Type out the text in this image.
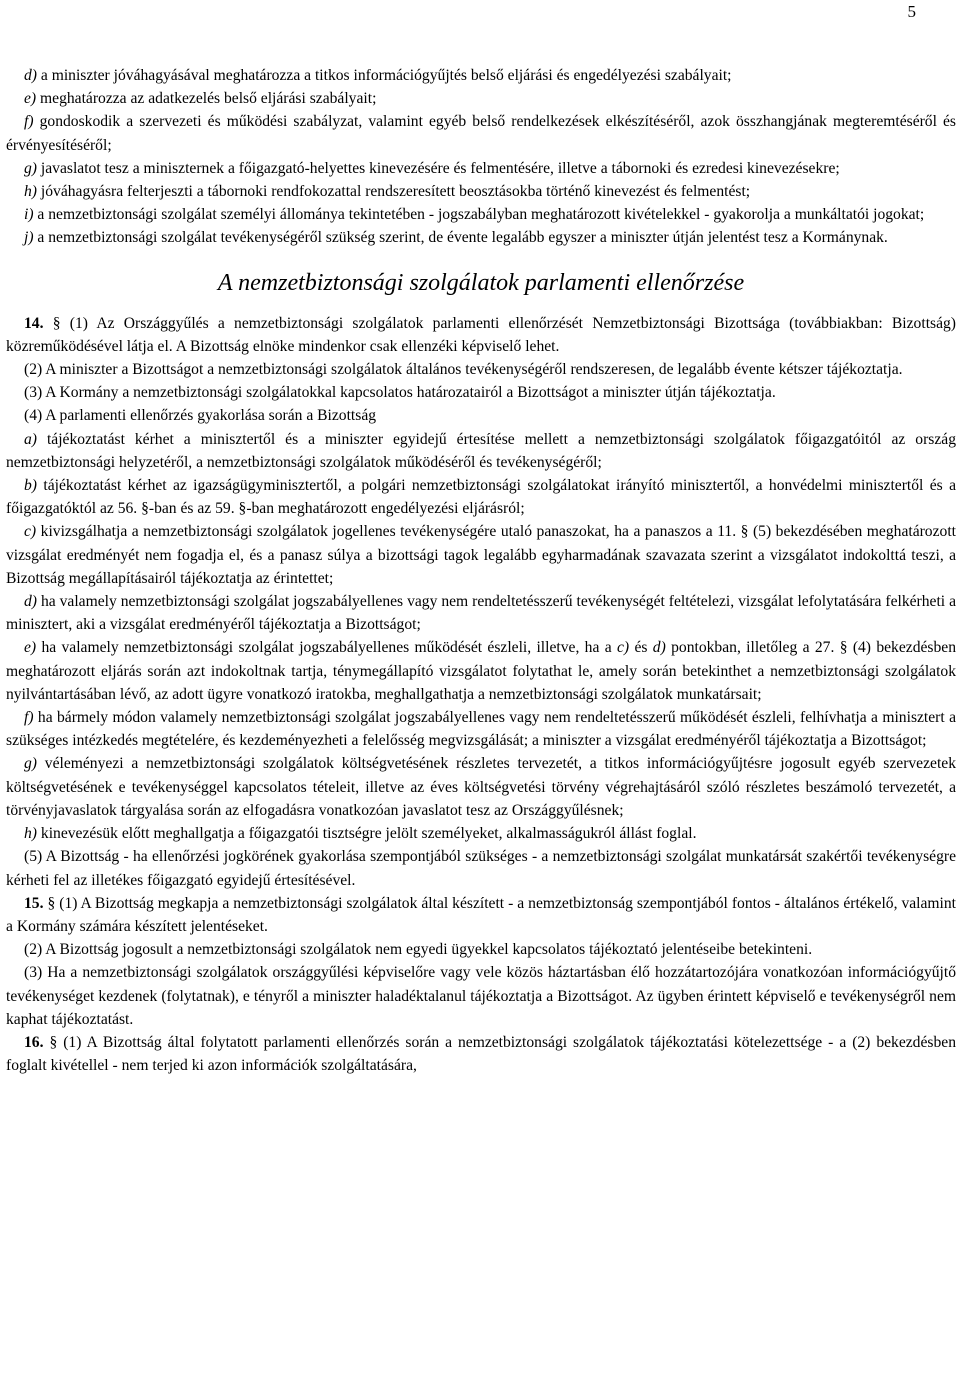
5

d) a miniszter jóváhagyásával meghatározza a titkos információgyűjtés belső eljárási és engedélyezési szabályait;

e) meghatározza az adatkezelés belső eljárási szabályait;

f) gondoskodik a szervezeti és működési szabályzat, valamint egyéb belső rendelkezések elkészítéséről, azok összhangjának megteremtéséről és érvényesítéséről;

g) javaslatot tesz a miniszternek a főigazgató-helyettes kinevezésére és felmentésére, illetve a tábornoki és ezredesi kinevezésekre;

h) jóváhagyásra felterjeszti a tábornoki rendfokozattal rendszeresített beosztásokba történő kinevezést és felmentést;

i) a nemzetbiztonsági szolgálat személyi állománya tekintetében - jogszabályban meghatározott kivételekkel - gyakorolja a munkáltatói jogokat;

j) a nemzetbiztonsági szolgálat tevékenységéről szükség szerint, de évente legalább egyszer a miniszter útján jelentést tesz a Kormánynak.

A nemzetbiztonsági szolgálatok parlamenti ellenőrzése

14. § (1) Az Országgyűlés a nemzetbiztonsági szolgálatok parlamenti ellenőrzését Nemzetbiztonsági Bizottsága (továbbiakban: Bizottság) közreműködésével látja el. A Bizottság elnöke mindenkor csak ellenzéki képviselő lehet.

(2) A miniszter a Bizottságot a nemzetbiztonsági szolgálatok általános tevékenységéről rendszeresen, de legalább évente kétszer tájékoztatja.

(3) A Kormány a nemzetbiztonsági szolgálatokkal kapcsolatos határozatairól a Bizottságot a miniszter útján tájékoztatja.

(4) A parlamenti ellenőrzés gyakorlása során a Bizottság

a) tájékoztatást kérhet a minisztertől és a miniszter egyidejű értesítése mellett a nemzetbiztonsági szolgálatok főigazgatóitól az ország nemzetbiztonsági helyzetéről, a nemzetbiztonsági szolgálatok működéséről és tevékenységéről;

b) tájékoztatást kérhet az igazságügyminisztertől, a polgári nemzetbiztonsági szolgálatokat irányító minisztertől, a honvédelmi minisztertől és a főigazgatóktól az 56. §-ban és az 59. §-ban meghatározott engedélyezési eljárásról;

c) kivizsgálhatja a nemzetbiztonsági szolgálatok jogellenes tevékenységére utaló panaszokat, ha a panaszos a 11. § (5) bekezdésében meghatározott vizsgálat eredményét nem fogadja el, és a panasz súlya a bizottsági tagok legalább egyharmadának szavazata szerint a vizsgálatot indokolttá teszi, a Bizottság megállapításairól tájékoztatja az érintettet;

d) ha valamely nemzetbiztonsági szolgálat jogszabályellenes vagy nem rendeltetésszerű tevékenységét feltételezi, vizsgálat lefolytatására felkérheti a minisztert, aki a vizsgálat eredményéről tájékoztatja a Bizottságot;

e) ha valamely nemzetbiztonsági szolgálat jogszabályellenes működését észleli, illetve, ha a c) és d) pontokban, illetőleg a 27. § (4) bekezdésben meghatározott eljárás során azt indokoltnak tartja, ténymegállapító vizsgálatot folytathat le, amely során betekinthet a nemzetbiztonsági szolgálatok nyilvántartásában lévő, az adott ügyre vonatkozó iratokba, meghallgathatja a nemzetbiztonsági szolgálatok munkatársait;

f) ha bármely módon valamely nemzetbiztonsági szolgálat jogszabályellenes vagy nem rendeltetésszerű működését észleli, felhívhatja a minisztert a szükséges intézkedés megtételére, és kezdeményezheti a felelősség megvizsgálását; a miniszter a vizsgálat eredményéről tájékoztatja a Bizottságot;

g) véleményezi a nemzetbiztonsági szolgálatok költségvetésének részletes tervezetét, a titkos információgyűjtésre jogosult egyéb szervezetek költségvetésének e tevékenységgel kapcsolatos tételeit, illetve az éves költségvetési törvény végrehajtásáról szóló részletes beszámoló tervezetét, a törvényjavaslatok tárgyalása során az elfogadásra vonatkozóan javaslatot tesz az Országgyűlésnek;

h) kinevezésük előtt meghallgatja a főigazgatói tisztségre jelölt személyeket, alkalmasságukról állást foglal.

(5) A Bizottság - ha ellenőrzési jogkörének gyakorlása szempontjából szükséges - a nemzetbiztonsági szolgálat munkatársát szakértői tevékenységre kérheti fel az illetékes főigazgató egyidejű értesítésével.

15. § (1) A Bizottság megkapja a nemzetbiztonsági szolgálatok által készített - a nemzetbiztonság szempontjából fontos - általános értékelő, valamint a Kormány számára készített jelentéseket.

(2) A Bizottság jogosult a nemzetbiztonsági szolgálatok nem egyedi ügyekkel kapcsolatos tájékoztató jelentéseibe betekinteni.

(3) Ha a nemzetbiztonsági szolgálatok országgyűlési képviselőre vagy vele közös háztartásban élő hozzátartozójára vonatkozóan információgyűjtő tevékenységet kezdenek (folytatnak), e tényről a miniszter haladéktalanul tájékoztatja a Bizottságot. Az ügyben érintett képviselő e tevékenységről nem kaphat tájékoztatást.

16. § (1) A Bizottság által folytatott parlamenti ellenőrzés során a nemzetbiztonsági szolgálatok tájékoztatási kötelezettsége - a (2) bekezdésben foglalt kivétellel - nem terjed ki azon információk szolgáltatására,
